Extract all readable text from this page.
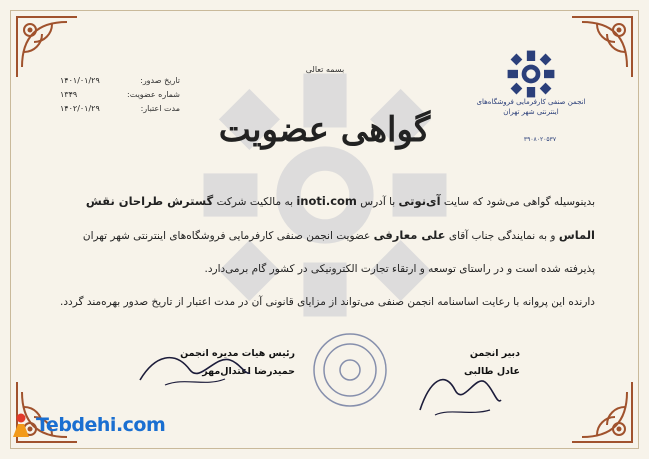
انجمن صنفی کارفرمایی فروشگاه‌های اینترنتی شهر تهران
۳۹۰۸۰۲۰۵۳۷
بسمه تعالی
تاریخ صدور:
۱۴۰۱/۰۱/۲۹
شماره عضویت:
۱۳۴۹
مدت اعتبار:
۱۴۰۲/۰۱/۲۹
گواهی عضویت
بدینوسیله گواهی می‌شود که سایت آی‌نوتی با آدرس inoti.com به مالکیت شرکت گسترش طراحان نقش الماس و به نمایندگی جناب آقای علی معارفی عضویت انجمن صنفی کارفرمایی فروشگاه‌های اینترنتی شهر تهران پذیرفته شده است و در راستای توسعه و ارتقاء تجارت الکترونیکی در کشور گام برمی‌دارد.
دارنده این پروانه با رعایت اساسنامه انجمن صنفی می‌تواند از مزایای قانونی آن در مدت اعتبار از تاریخ صدور بهره‌مند گردد.
دبیر انجمن
عادل طالبی
رئیس هیات مدیره انجمن
حمیدرضا اعتدال‌مهر
Tebdehi.com
